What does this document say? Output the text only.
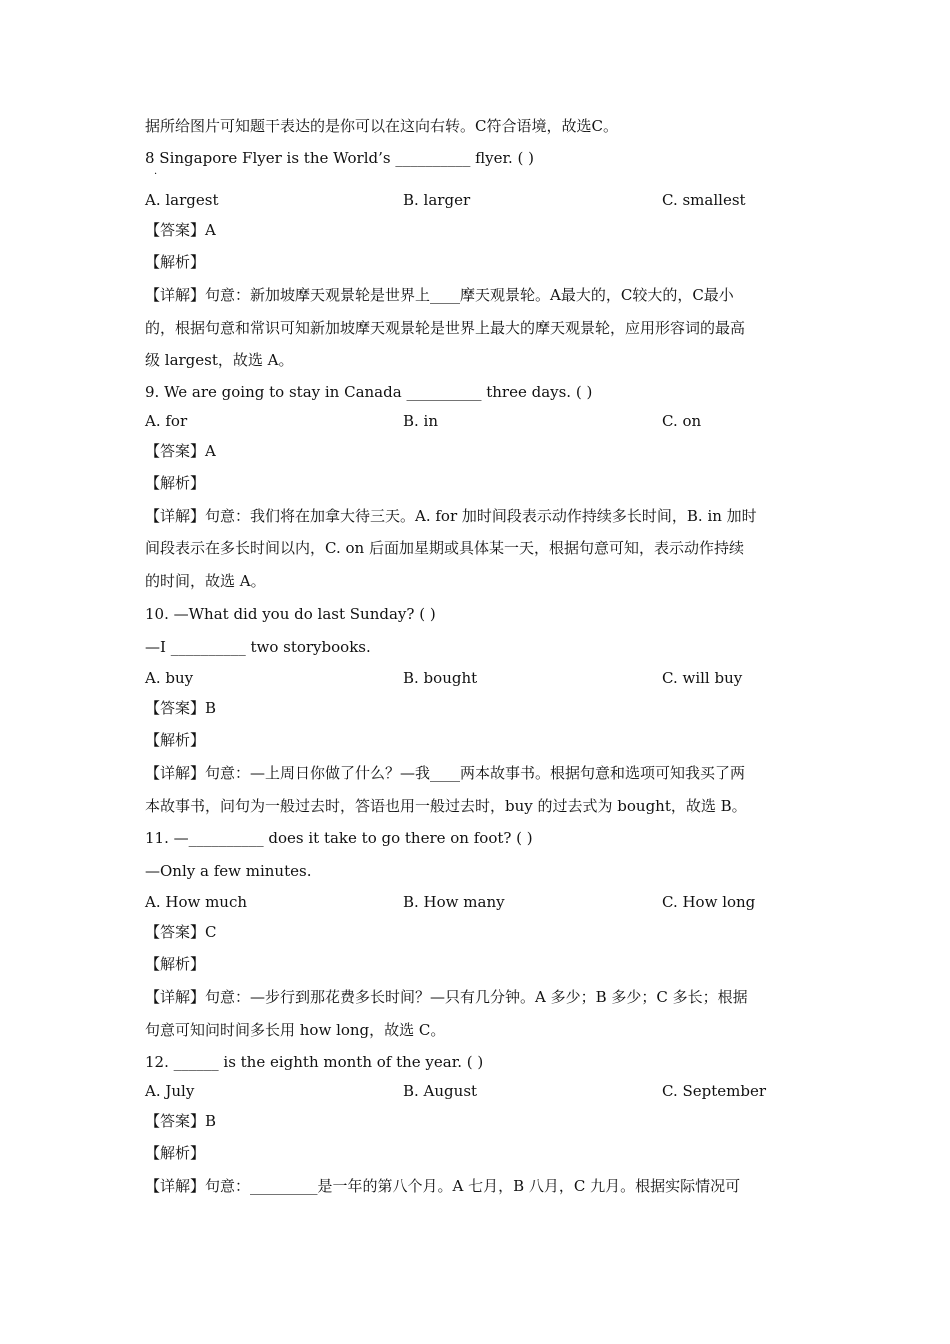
据所给图片可知题干表达的是你可以在这向右转。C符合语境，故选C。
8 Singapore Flyer is the World’s __________ flyer. ( )
·
A. largest	B. larger	C. smallest
【答案】A
【解析】
【详解】句意：新加坡摩天观景轮是世界上____摩天观景轮。A最大的，C较大的，C最小
的，根据句意和常识可知新加坡摩天观景轮是世界上最大的摩天观景轮，应用形容词的最高
级 largest，故选 A。
9. We are going to stay in Canada __________ three days. ( )
A. for	B. in	C. on
【答案】A
【解析】
【详解】句意：我们将在加拿大待三天。A. for 加时间段表示动作持续多长时间，B. in 加时
间段表示在多长时间以内，C. on 后面加星期或具体某一天，根据句意可知，表示动作持续
的时间，故选 A。
10. —What did you do last Sunday? ( )
—I __________ two storybooks.
A. buy	B. bought	C. will buy
【答案】B
【解析】
【详解】句意：—上周日你做了什么？—我____两本故事书。根据句意和选项可知我买了两
本故事书，问句为一般过去时，答语也用一般过去时，buy 的过去式为 bought，故选 B。
11. —__________ does it take to go there on foot? ( )
—Only a few minutes.
A. How much	B. How many	C. How long
【答案】C
【解析】
【详解】句意：—步行到那花费多长时间？—只有几分钟。A 多少；B 多少；C 多长；根据
句意可知问时间多长用 how long，故选 C。
12. ______ is the eighth month of the year. ( )
A. July	B. August	C. September
【答案】B
【解析】
【详解】句意：_________是一年的第八个月。A 七月，B 八月，C 九月。根据实际情况可
